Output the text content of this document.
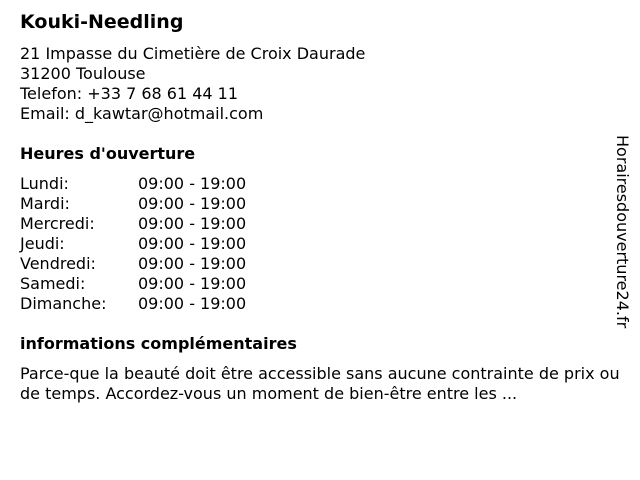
Kouki-Needling
21 Impasse du Cimetière de Croix Daurade
31200 Toulouse
Telefon: +33 7 68 61 44 11
Email: d_kawtar@hotmail.com
Heures d'ouverture
Lundi:	09:00 - 19:00
Mardi:	09:00 - 19:00
Mercredi:	09:00 - 19:00
Jeudi:	09:00 - 19:00
Vendredi:	09:00 - 19:00
Samedi:	09:00 - 19:00
Dimanche: 09:00 - 19:00
informations complémentaires
Parce-que la beauté doit être accessible sans aucune contrainte de prix ou de temps. Accordez-vous un moment de bien-être entre les ...
Horairesdouverture24.fr
